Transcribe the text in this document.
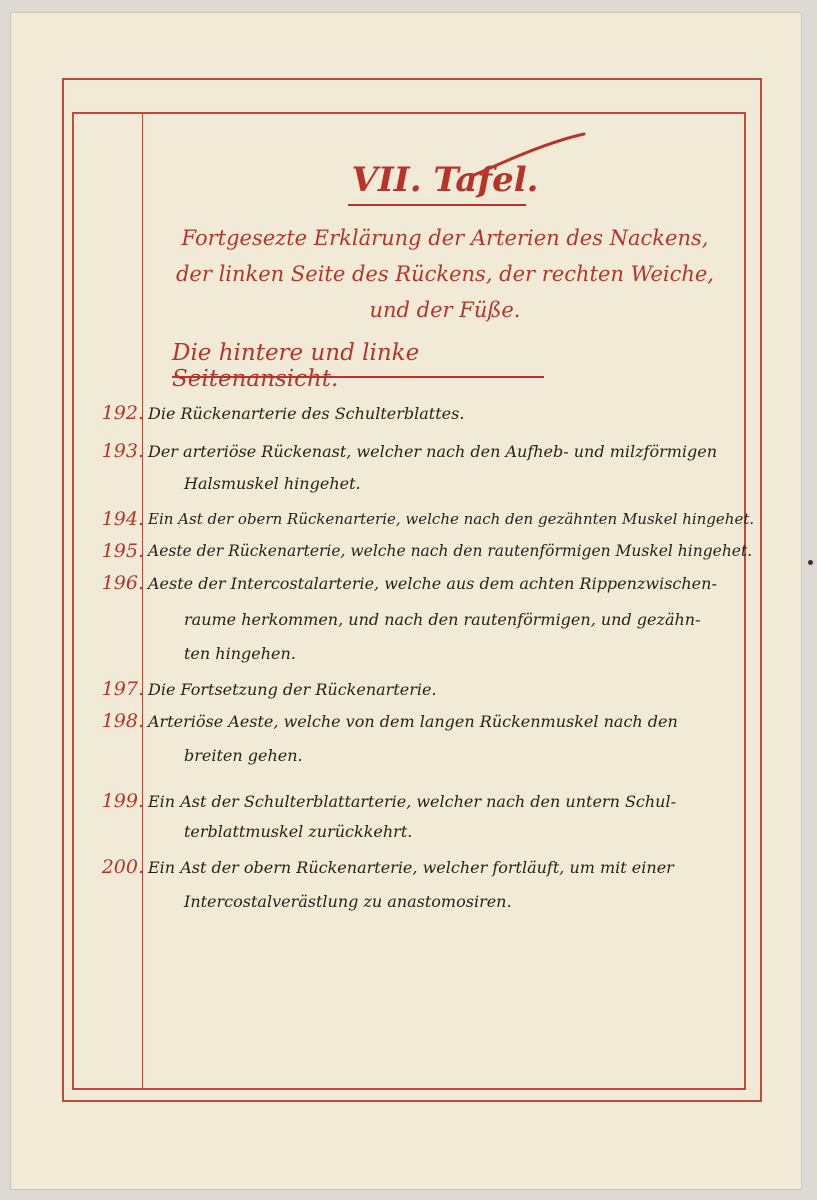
VII. Tafel.
Fortgesezte Erklärung der Arterien des Nackens,
der linken Seite des Rückens, der rechten Weiche,
und der Füße.
Die hintere und linke Seitenansicht.
192. Die Rückenarterie des Schulterblattes.
193. Der arteriöse Rückenast, welcher nach den Aufheb- und milzförmigen
Halsmuskel hingehet.
194. Ein Ast der obern Rückenarterie, welche nach den gezähnten Muskel hingehet.
195. Aeste der Rückenarterie, welche nach den rautenförmigen Muskel hingehet.
196. Aeste der Intercostalarterie, welche aus dem achten Rippenzwischen-
raume herkommen, und nach den rautenförmigen, und gezähn-
ten hingehen.
197. Die Fortsetzung der Rückenarterie.
198. Arteriöse Aeste, welche von dem langen Rückenmuskel nach den
breiten gehen.
199. Ein Ast der Schulterblattarterie, welcher nach den untern Schul-
terblattmuskel zurückkehrt.
200. Ein Ast der obern Rückenarterie, welcher fortläuft, um mit einer
Intercostalverästlung zu anastomosiren.
